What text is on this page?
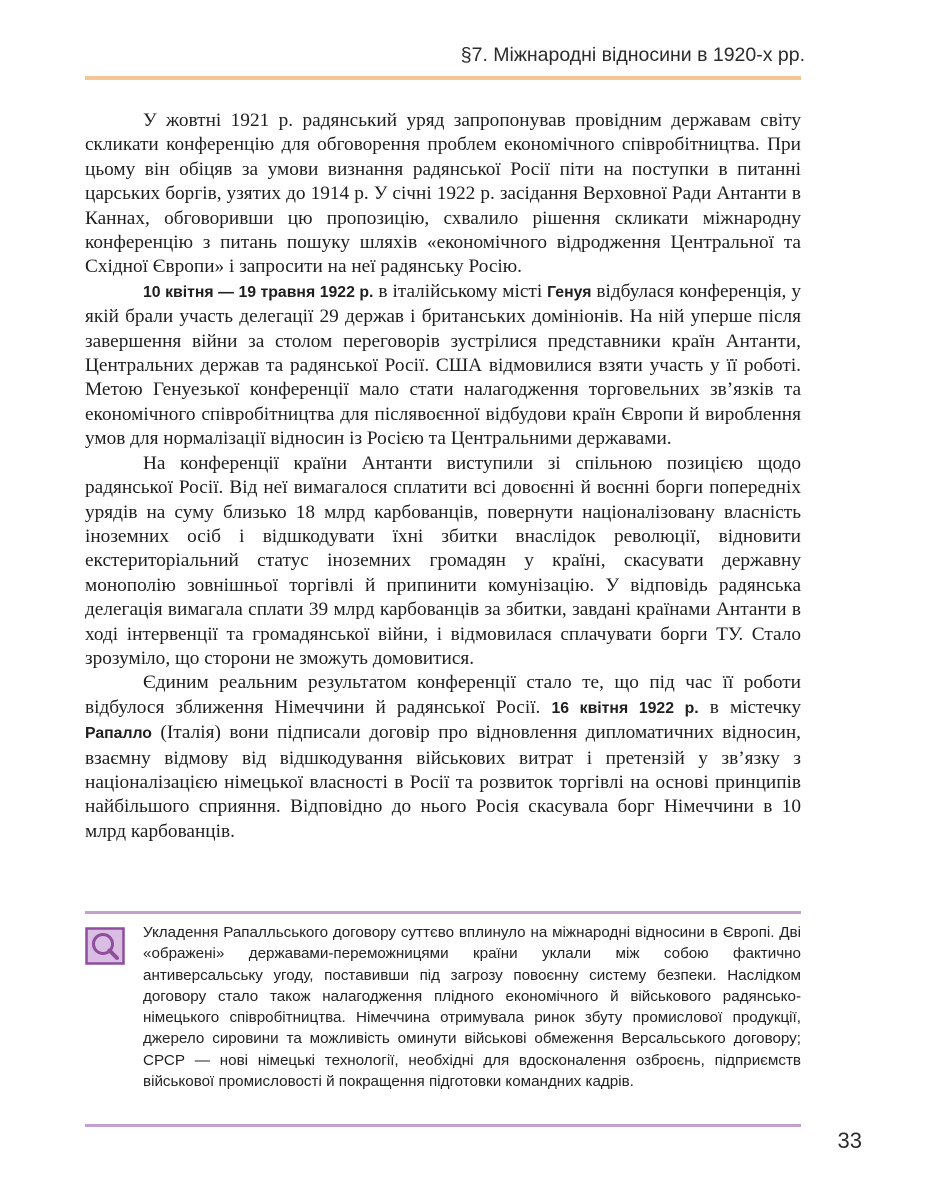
§7. Міжнародні відносини в 1920-х рр.

У жовтні 1921 р. радянський уряд запропонував провідним державам світу скликати конференцію для обговорення проблем економічного співробітництва. При цьому він обіцяв за умови визнання радянської Росії піти на поступки в питанні царських боргів, узятих до 1914 р. У січні 1922 р. засідання Верховної Ради Антанти в Каннах, обговоривши цю пропозицію, схвалило рішення скликати міжнародну конференцію з питань пошуку шляхів «економічного відродження Центральної та Східної Європи» і запросити на неї радянську Росію.

10 квітня — 19 травня 1922 р. в італійському місті Генуя відбулася конференція, у якій брали участь делегації 29 держав і британських домініонів. На ній уперше після завершення війни за столом переговорів зустрілися представники країн Антанти, Центральних держав та радянської Росії. США відмовилися взяти участь у її роботі. Метою Генуезької конференції мало стати налагодження торговельних зв’язків та економічного співробітництва для післявоєнної відбудови країн Європи й вироблення умов для нормалізації відносин із Росією та Центральними державами.

На конференції країни Антанти виступили зі спільною позицією щодо радянської Росії. Від неї вимагалося сплатити всі довоєнні й воєнні борги попередніх урядів на суму близько 18 млрд карбованців, повернути націоналізовану власність іноземних осіб і відшкодувати їхні збитки внаслідок революції, відновити екстериторіальний статус іноземних громадян у країні, скасувати державну монополію зовнішньої торгівлі й припинити комунізацію. У відповідь радянська делегація вимагала сплати 39 млрд карбованців за збитки, завдані країнами Антанти в ході інтервенції та громадянської війни, і відмовилася сплачувати борги ТУ. Стало зрозуміло, що сторони не зможуть домовитися.

Єдиним реальним результатом конференції стало те, що під час її роботи відбулося зближення Німеччини й радянської Росії. 16 квітня 1922 р. в містечку Рапалло (Італія) вони підписали договір про відновлення дипломатичних відносин, взаємну відмову від відшкодування військових витрат і претензій у зв’язку з націоналізацією німецької власності в Росії та розвиток торгівлі на основі принципів найбільшого сприяння. Відповідно до нього Росія скасувала борг Німеччини в 10 млрд карбованців.

Укладення Рапалльського договору суттєво вплинуло на міжнародні відносини в Європі. Дві «ображені» державами-переможницями країни уклали між собою фактично антиверсальську угоду, поставивши під загрозу повоєнну систему безпеки. Наслідком договору стало також налагодження плідного економічного й військового радянсько-німецького співробітництва. Німеччина отримувала ринок збуту промислової продукції, джерело сировини та можливість оминути військові обмеження Версальського договору; СРСР — нові німецькі технології, необхідні для вдосконалення озброєнь, підприємств військової промисловості й покращення підготовки командних кадрів.

33
